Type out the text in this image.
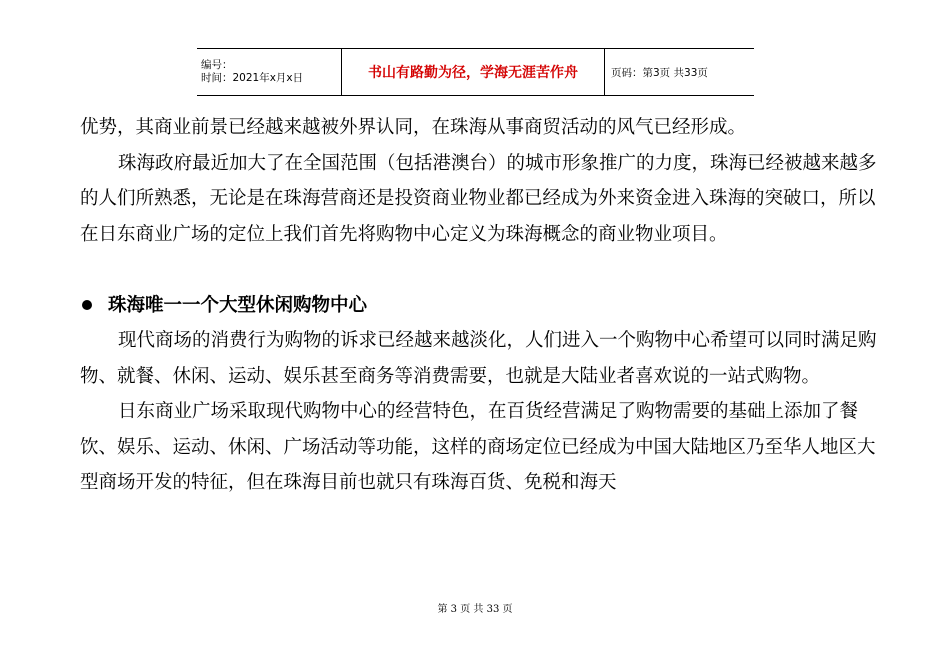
编号：
时间：2021年x月x日	书山有路勤为径，学海无涯苦作舟	页码：第3页 共33页

优势，其商业前景已经越来越被外界认同，在珠海从事商贸活动的风气已经形成。

珠海政府最近加大了在全国范围（包括港澳台）的城市形象推广的力度，珠海已经被越来越多的人们所熟悉，无论是在珠海营商还是投资商业物业都已经成为外来资金进入珠海的突破口，所以在日东商业广场的定位上我们首先将购物中心定义为珠海概念的商业物业项目。

珠海唯一一个大型休闲购物中心

现代商场的消费行为购物的诉求已经越来越淡化，人们进入一个购物中心希望可以同时满足购物、就餐、休闲、运动、娱乐甚至商务等消费需要，也就是大陆业者喜欢说的一站式购物。

日东商业广场采取现代购物中心的经营特色，在百货经营满足了购物需要的基础上添加了餐饮、娱乐、运动、休闲、广场活动等功能，这样的商场定位已经成为中国大陆地区乃至华人地区大型商场开发的特征，但在珠海目前也就只有珠海百货、免税和海天

第 3 页 共 33 页
